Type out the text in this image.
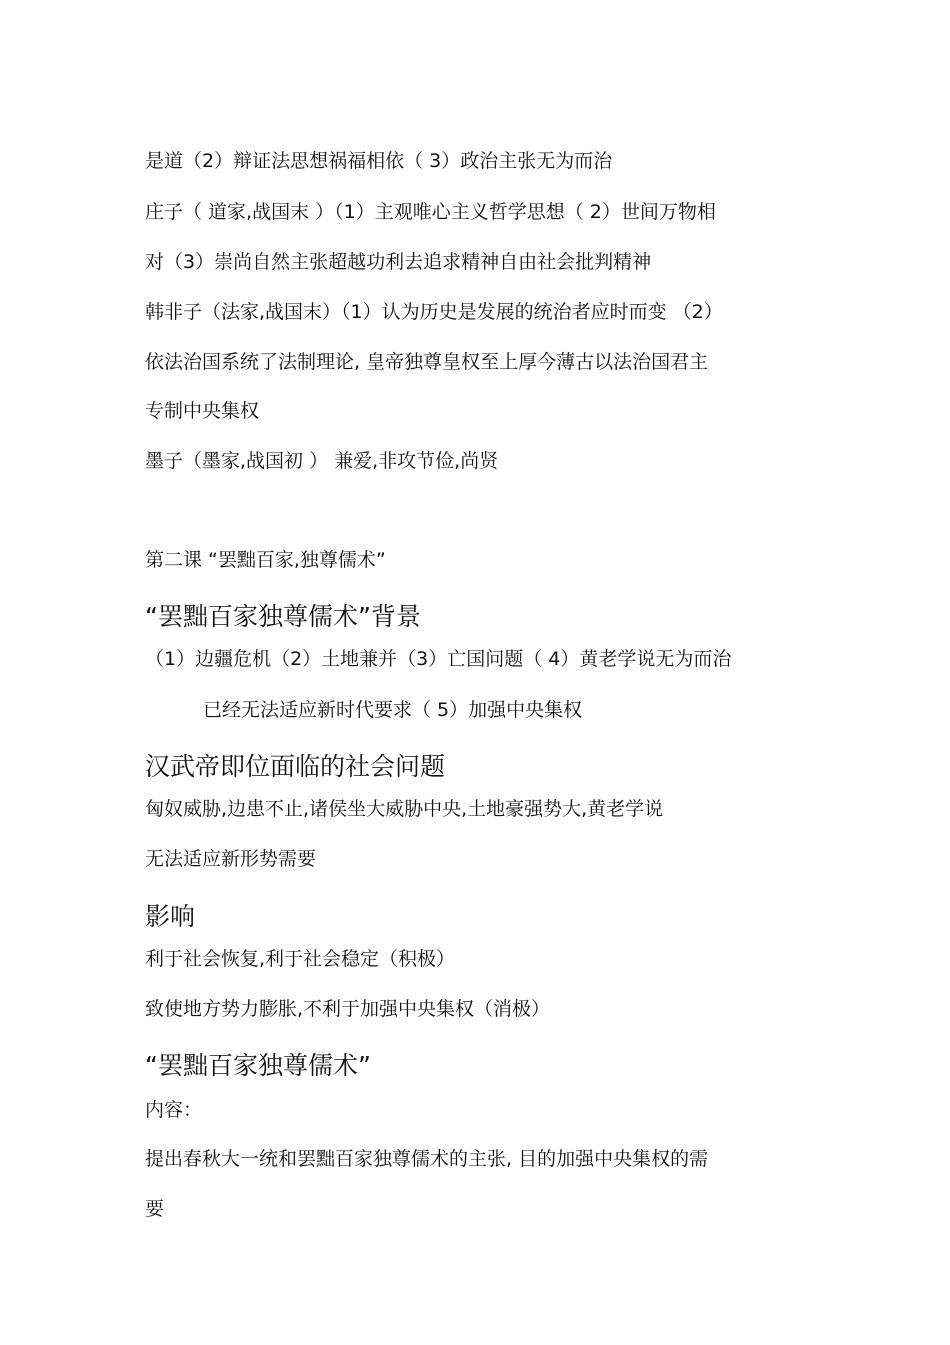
是道（2）辩证法思想祸福相依（ 3）政治主张无为而治

庄子（ 道家,战国末 ）（1）主观唯心主义哲学思想（ 2）世间万物相

对（3）崇尚自然主张超越功利去追求精神自由社会批判精神

韩非子（法家,战国末）（1）认为历史是发展的统治者应时而变 （2）

依法治国系统了法制理论, 皇帝独尊皇权至上厚今薄古以法治国君主

专制中央集权

墨子（墨家,战国初 ） 兼爱,非攻节俭,尚贤

第二课 “罢黜百家,独尊儒术”

“罢黜百家独尊儒术”背景

（1）边疆危机（2）土地兼并（3）亡国问题（ 4）黄老学说无为而治

已经无法适应新时代要求（ 5）加强中央集权

汉武帝即位面临的社会问题

匈奴威胁,边患不止,诸侯坐大威胁中央,土地豪强势大,黄老学说

无法适应新形势需要

影响

利于社会恢复,利于社会稳定（积极）

致使地方势力膨胀,不利于加强中央集权（消极）

“罢黜百家独尊儒术”

内容：

提出春秋大一统和罢黜百家独尊儒术的主张, 目的加强中央集权的需

要
